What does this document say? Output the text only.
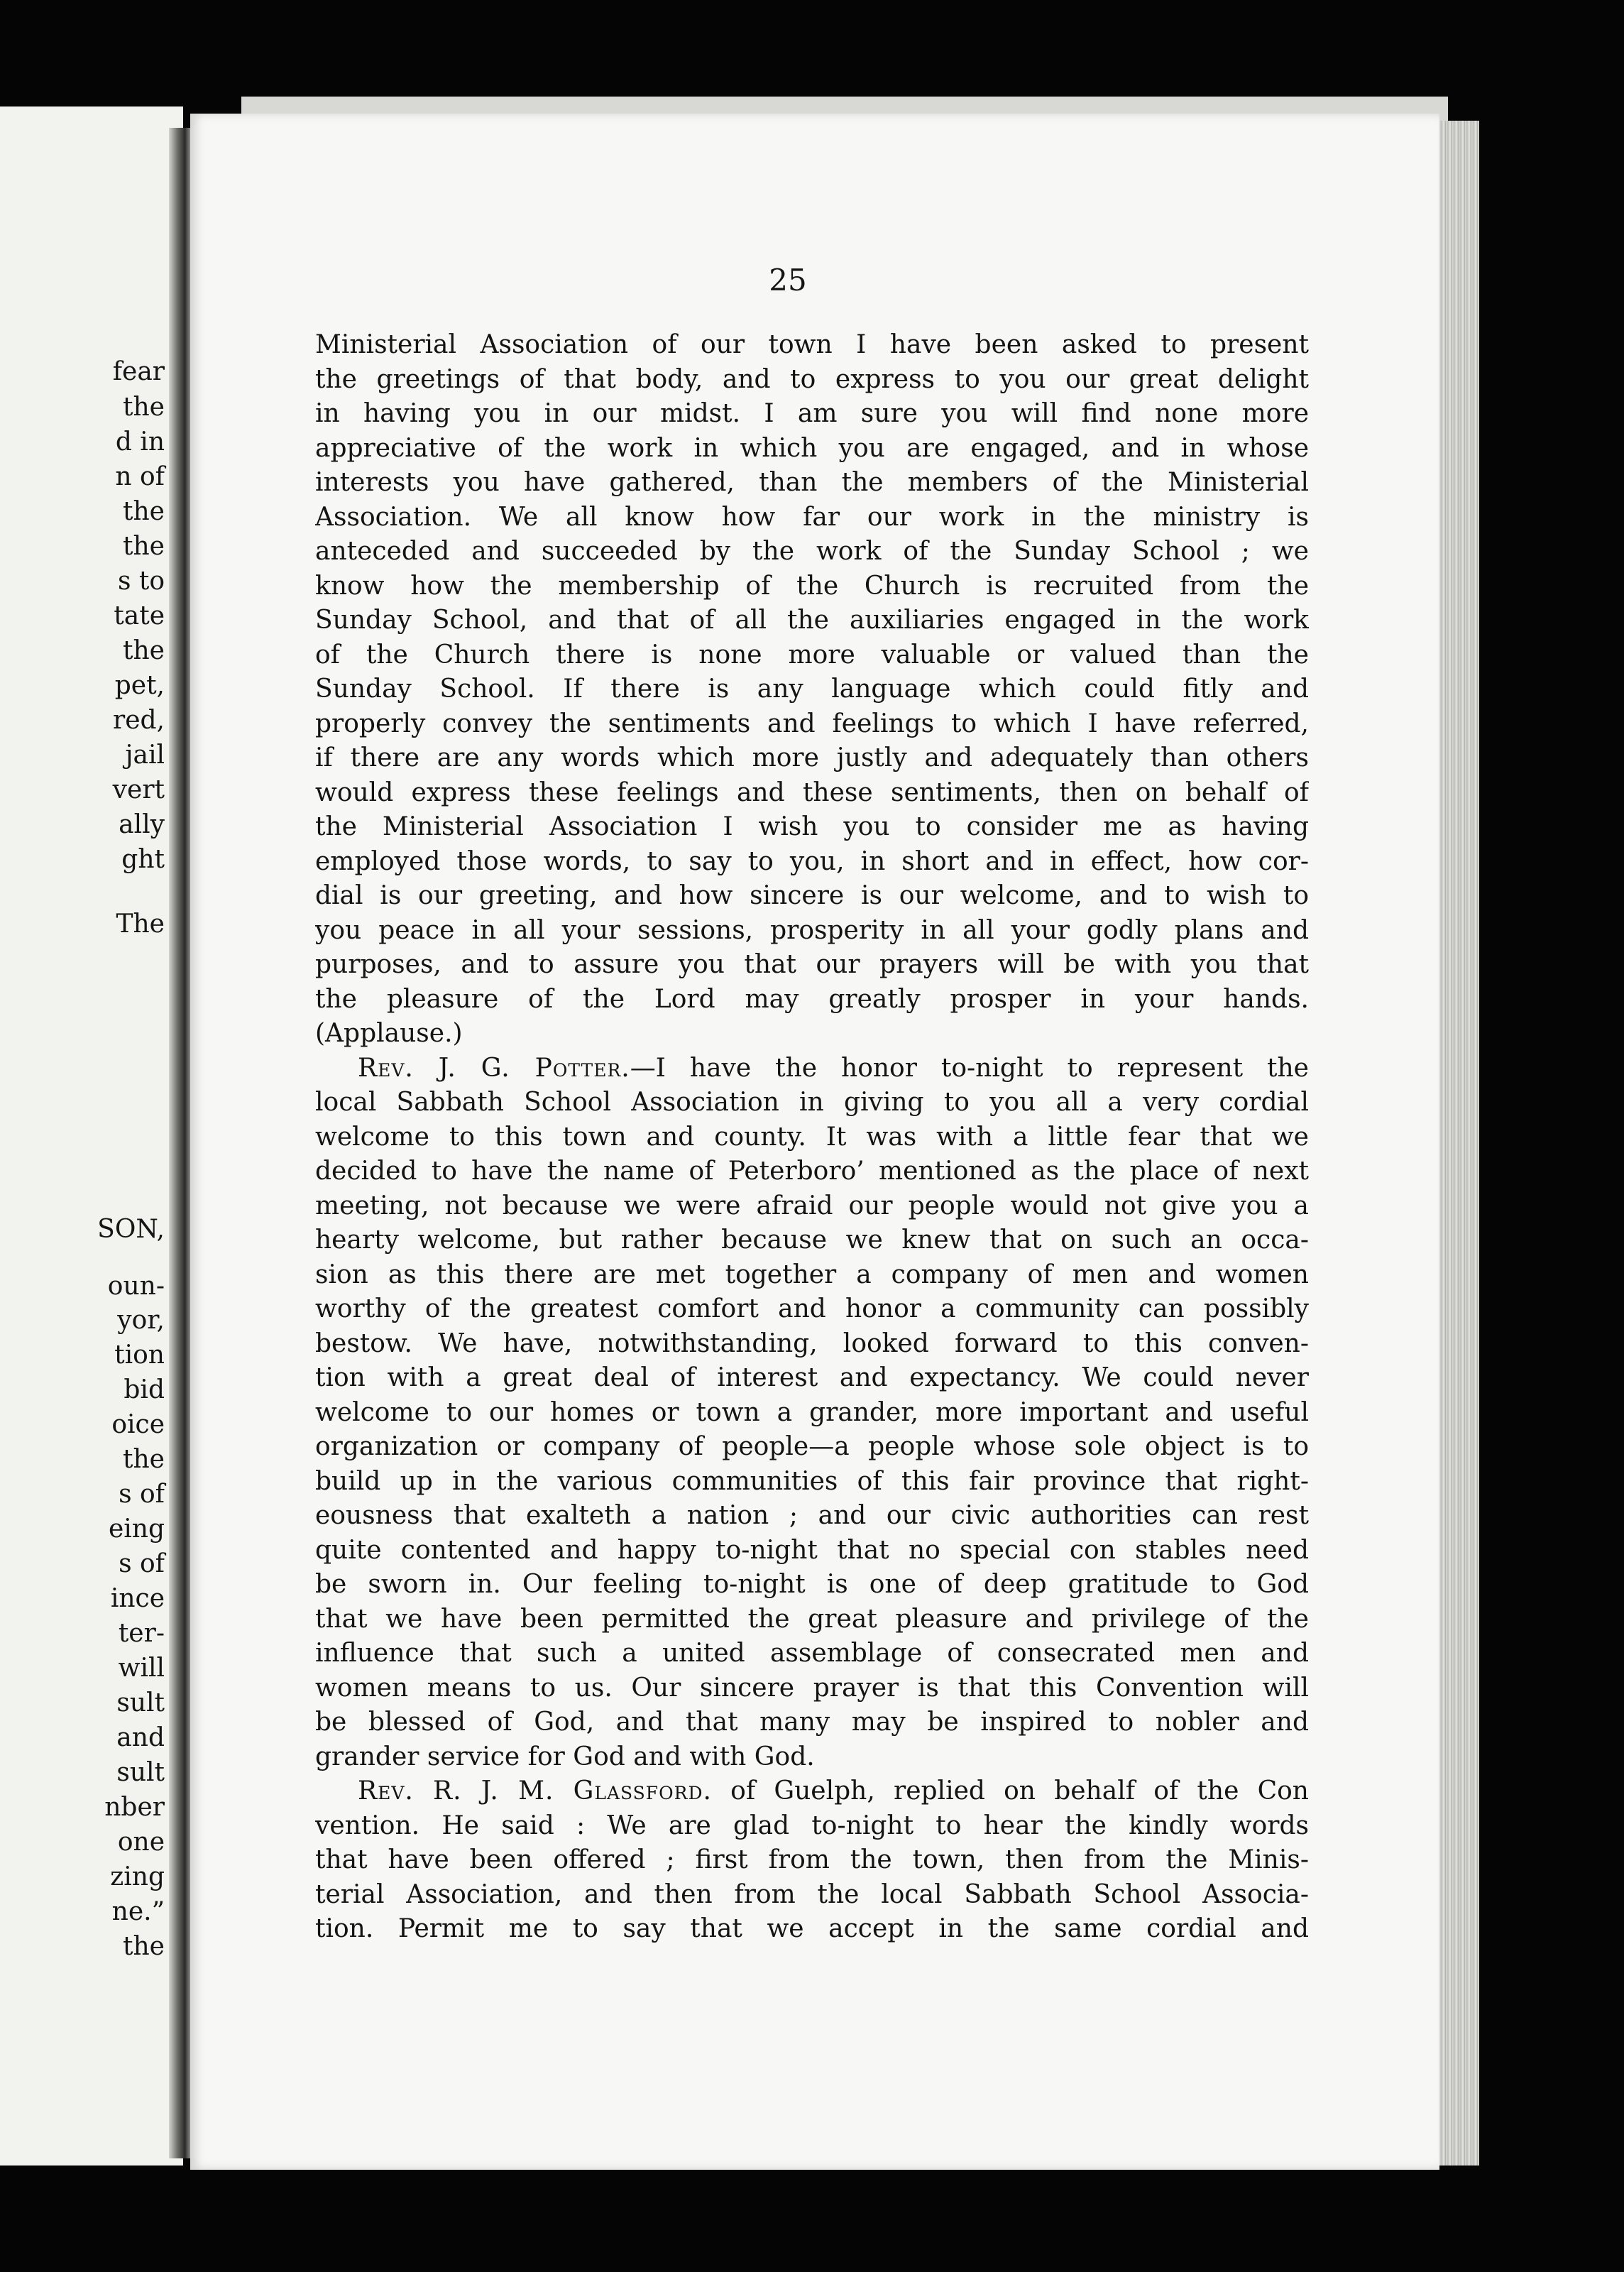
fear
the
d in
n of
the
the
s to
tate
the
pet,
red,
jail
vert
ally
ght
The
SON,
oun-
yor,
tion
bid
oice
the
s of
eing
s of
ince
ter-
will
sult
and
sult
nber
one
zing
ne.”
the
25
Ministerial Association of our town I have been asked to present
the greetings of that body, and to express to you our great delight
in having you in our midst. I am sure you will find none more
appreciative of the work in which you are engaged, and in whose
interests you have gathered, than the members of the Ministerial
Association. We all know how far our work in the ministry is
anteceded and succeeded by the work of the Sunday School ; we
know how the membership of the Church is recruited from the
Sunday School, and that of all the auxiliaries engaged in the work
of the Church there is none more valuable or valued than the
Sunday School. If there is any language which could fitly and
properly convey the sentiments and feelings to which I have referred,
if there are any words which more justly and adequately than others
would express these feelings and these sentiments, then on behalf of
the Ministerial Association I wish you to consider me as having
employed those words, to say to you, in short and in effect, how cor-
dial is our greeting, and how sincere is our welcome, and to wish to
you peace in all your sessions, prosperity in all your godly plans and
purposes, and to assure you that our prayers will be with you that
the pleasure of the Lord may greatly prosper in your hands.
(Applause.)
Rev. J. G. Potter.—I have the honor to-night to represent the
local Sabbath School Association in giving to you all a very cordial
welcome to this town and county. It was with a little fear that we
decided to have the name of Peterboro’ mentioned as the place of next
meeting, not because we were afraid our people would not give you a
hearty welcome, but rather because we knew that on such an occa-
sion as this there are met together a company of men and women
worthy of the greatest comfort and honor a community can possibly
bestow. We have, notwithstanding, looked forward to this conven-
tion with a great deal of interest and expectancy. We could never
welcome to our homes or town a grander, more important and useful
organization or company of people—a people whose sole object is to
build up in the various communities of this fair province that right-
eousness that exalteth a nation ; and our civic authorities can rest
quite contented and happy to-night that no special con stables need
be sworn in. Our feeling to-night is one of deep gratitude to God
that we have been permitted the great pleasure and privilege of the
influence that such a united assemblage of consecrated men and
women means to us. Our sincere prayer is that this Convention will
be blessed of God, and that many may be inspired to nobler and
grander service for God and with God.
Rev. R. J. M. Glassford. of Guelph, replied on behalf of the Con
vention. He said : We are glad to-night to hear the kindly words
that have been offered ; first from the town, then from the Minis-
terial Association, and then from the local Sabbath School Associa-
tion. Permit me to say that we accept in the same cordial and
